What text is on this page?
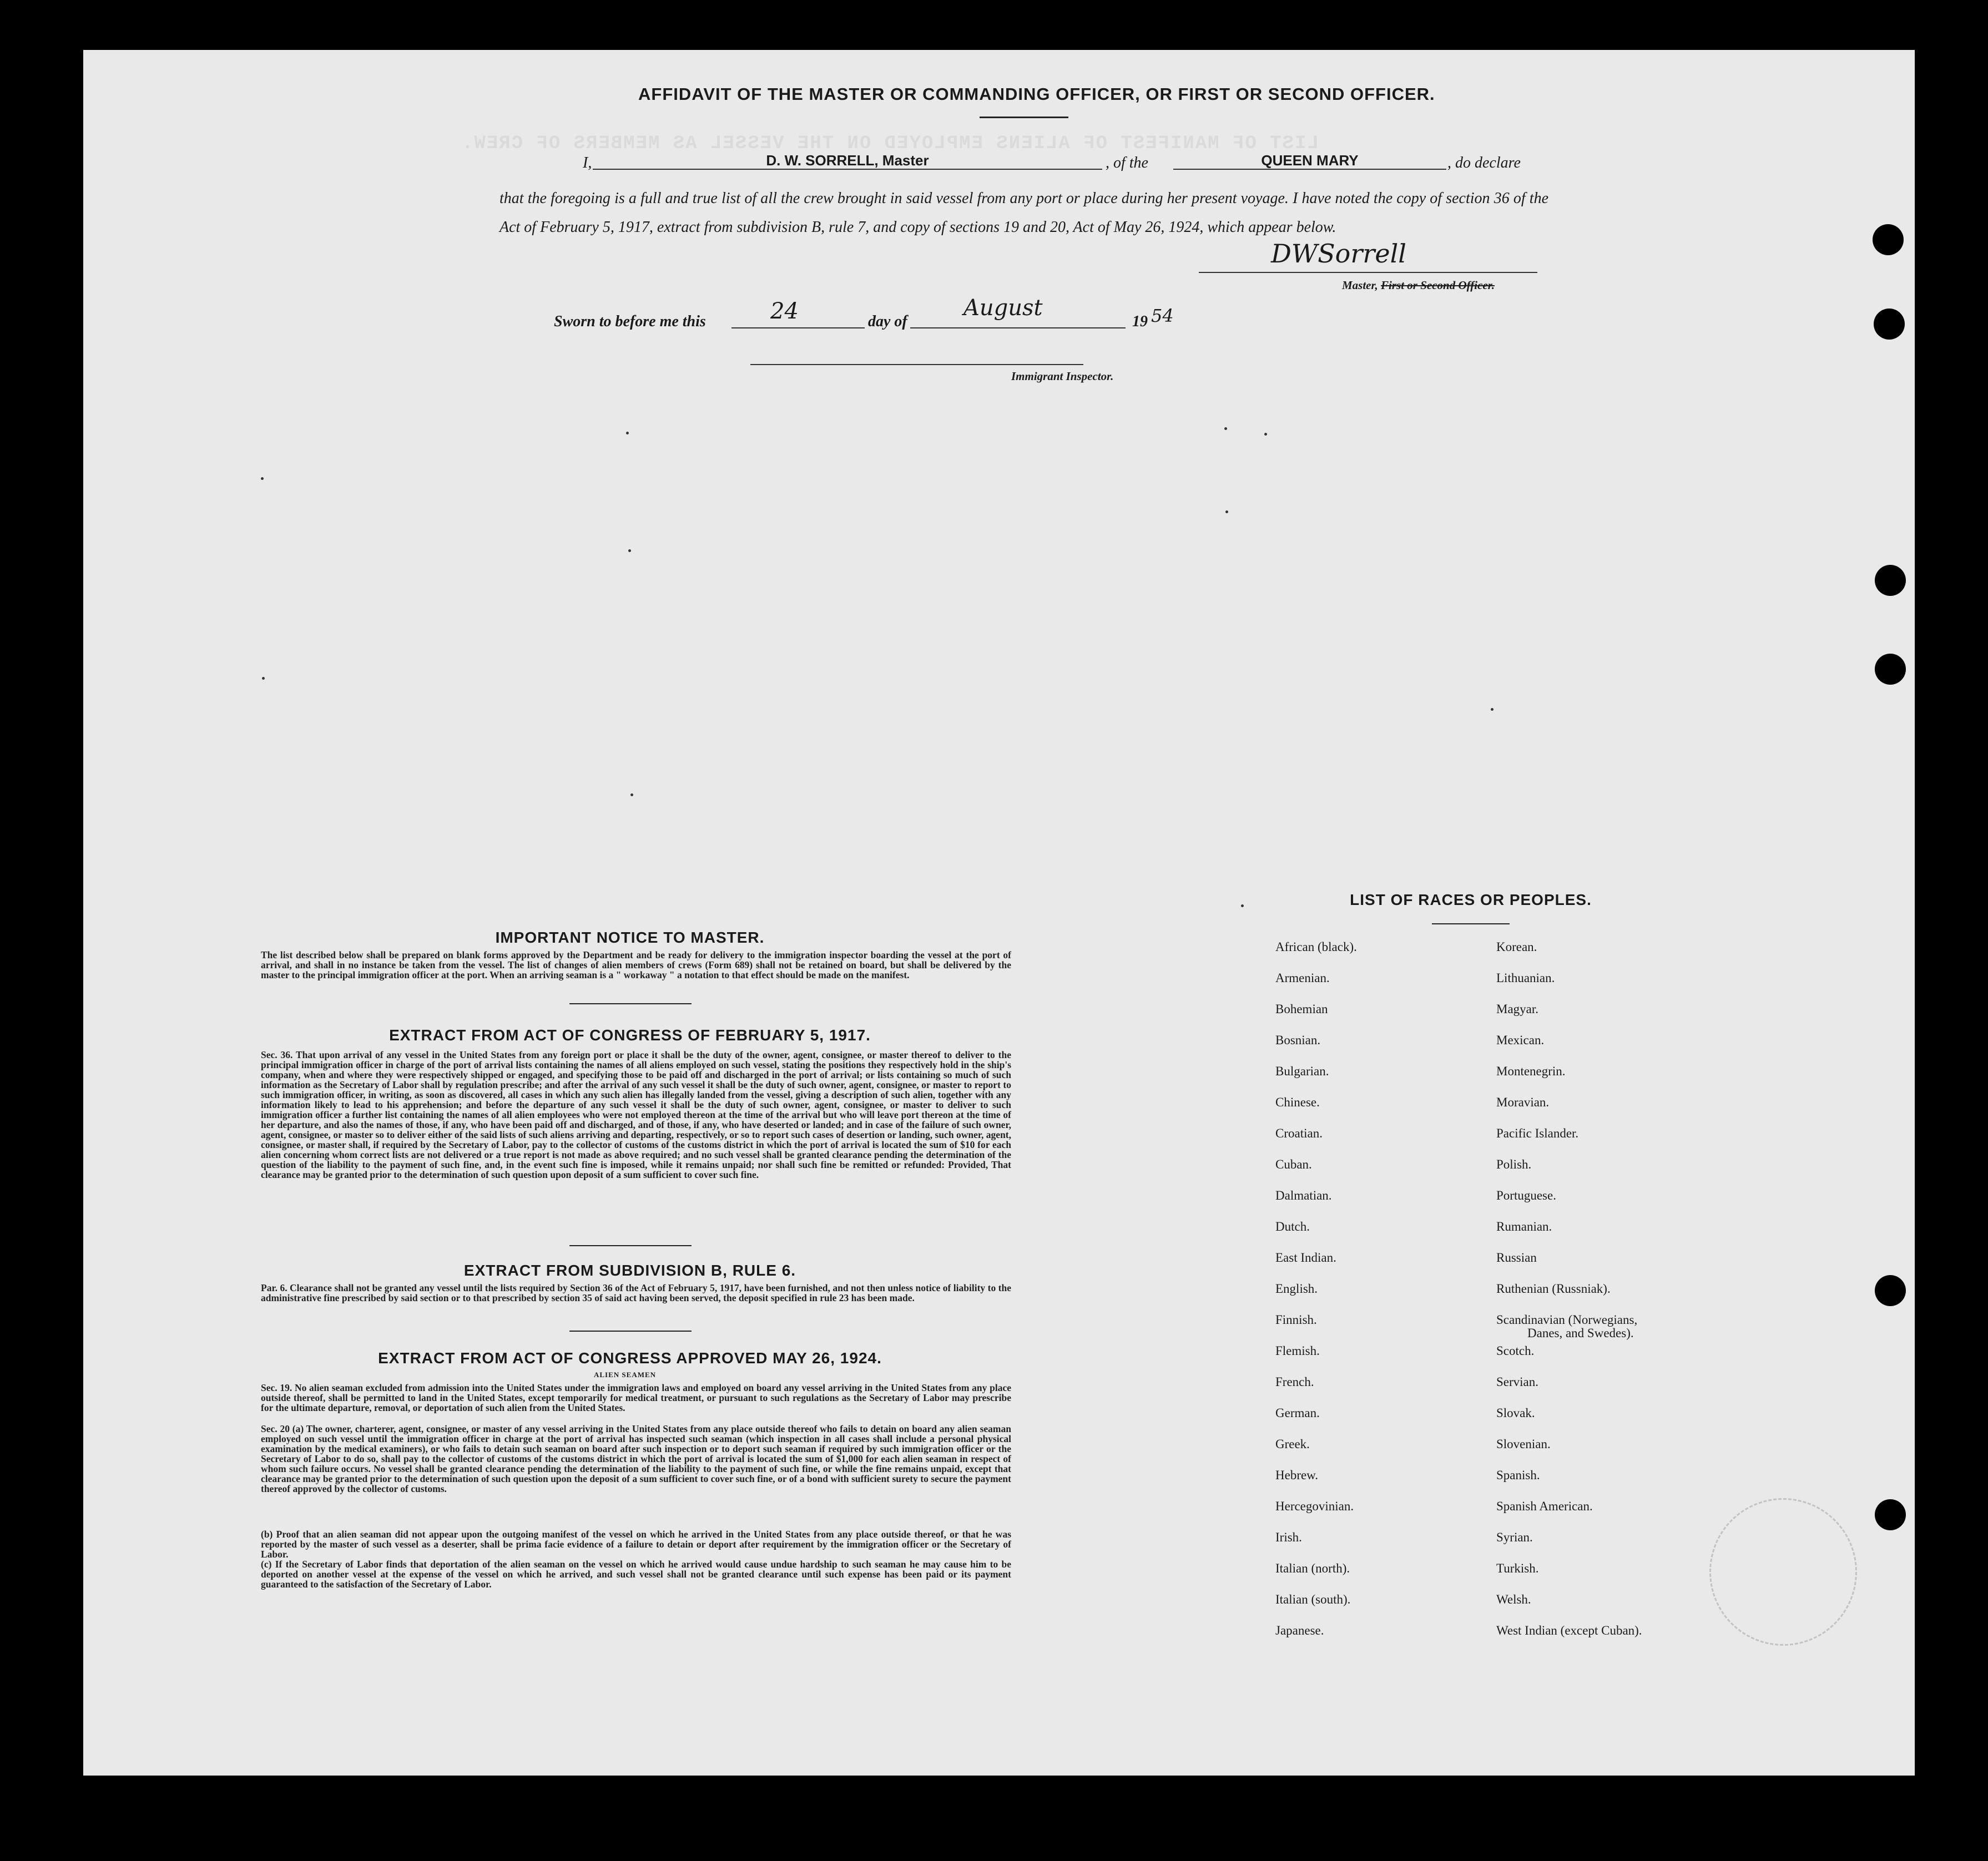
LIST OF MANIFEST OF ALIENS EMPLOYED ON THE VESSEL AS MEMBERS OF CREW.
AFFIDAVIT OF THE MASTER OR COMMANDING OFFICER, OR FIRST OR SECOND OFFICER.
I,	D. W. SORRELL, Master	, of the	QUEEN MARY	, do declare
that the foregoing is a full and true list of all the crew brought in said vessel from any port or place during her present voyage. I have noted the copy of section 36 of the Act of February 5, 1917, extract from subdivision B, rule 7, and copy of sections 19 and 20, Act of May 26, 1924, which appear below.
DWSorrell
Master, First or Second Officer.
Sworn to before me this	24	day of
August
19 54
Immigrant Inspector.
IMPORTANT NOTICE TO MASTER.
The list described below shall be prepared on blank forms approved by the Department and be ready for delivery to the immigration inspector boarding the vessel at the port of arrival, and shall in no instance be taken from the vessel. The list of changes of alien members of crews (Form 689) shall not be retained on board, but shall be delivered by the master to the principal immigration officer at the port. When an arriving seaman is a " workaway " a notation to that effect should be made on the manifest.
EXTRACT FROM ACT OF CONGRESS OF FEBRUARY 5, 1917.
Sec. 36. That upon arrival of any vessel in the United States from any foreign port or place it shall be the duty of the owner, agent, consignee, or master thereof to deliver to the principal immigration officer in charge of the port of arrival lists containing the names of all aliens employed on such vessel, stating the positions they respectively hold in the ship's company, when and where they were respectively shipped or engaged, and specifying those to be paid off and discharged in the port of arrival; or lists containing so much of such information as the Secretary of Labor shall by regulation prescribe; and after the arrival of any such vessel it shall be the duty of such owner, agent, consignee, or master to report to such immigration officer, in writing, as soon as discovered, all cases in which any such alien has illegally landed from the vessel, giving a description of such alien, together with any information likely to lead to his apprehension; and before the departure of any such vessel it shall be the duty of such owner, agent, consignee, or master to deliver to such immigration officer a further list containing the names of all alien employees who were not employed thereon at the time of the arrival but who will leave port thereon at the time of her departure, and also the names of those, if any, who have been paid off and discharged, and of those, if any, who have deserted or landed; and in case of the failure of such owner, agent, consignee, or master so to deliver either of the said lists of such aliens arriving and departing, respectively, or so to report such cases of desertion or landing, such owner, agent, consignee, or master shall, if required by the Secretary of Labor, pay to the collector of customs of the customs district in which the port of arrival is located the sum of $10 for each alien concerning whom correct lists are not delivered or a true report is not made as above required; and no such vessel shall be granted clearance pending the determination of the question of the liability to the payment of such fine, and, in the event such fine is imposed, while it remains unpaid; nor shall such fine be remitted or refunded: Provided, That clearance may be granted prior to the determination of such question upon deposit of a sum sufficient to cover such fine.
EXTRACT FROM SUBDIVISION B, RULE 6.
Par. 6. Clearance shall not be granted any vessel until the lists required by Section 36 of the Act of February 5, 1917, have been furnished, and not then unless notice of liability to the administrative fine prescribed by said section or to that prescribed by section 35 of said act having been served, the deposit specified in rule 23 has been made.
EXTRACT FROM ACT OF CONGRESS APPROVED MAY 26, 1924.
ALIEN SEAMEN
Sec. 19. No alien seaman excluded from admission into the United States under the immigration laws and employed on board any vessel arriving in the United States from any place outside thereof, shall be permitted to land in the United States, except temporarily for medical treatment, or pursuant to such regulations as the Secretary of Labor may prescribe for the ultimate departure, removal, or deportation of such alien from the United States.
Sec. 20 (a) The owner, charterer, agent, consignee, or master of any vessel arriving in the United States from any place outside thereof who fails to detain on board any alien seaman employed on such vessel until the immigration officer in charge at the port of arrival has inspected such seaman (which inspection in all cases shall include a personal physical examination by the medical examiners), or who fails to detain such seaman on board after such inspection or to deport such seaman if required by such immigration officer or the Secretary of Labor to do so, shall pay to the collector of customs of the customs district in which the port of arrival is located the sum of $1,000 for each alien seaman in respect of whom such failure occurs. No vessel shall be granted clearance pending the determination of the liability to the payment of such fine, or while the fine remains unpaid, except that clearance may be granted prior to the determination of such question upon the deposit of a sum sufficient to cover such fine, or of a bond with sufficient surety to secure the payment thereof approved by the collector of customs.
(b) Proof that an alien seaman did not appear upon the outgoing manifest of the vessel on which he arrived in the United States from any place outside thereof, or that he was reported by the master of such vessel as a deserter, shall be prima facie evidence of a failure to detain or deport after requirement by the immigration officer or the Secretary of Labor.
(c) If the Secretary of Labor finds that deportation of the alien seaman on the vessel on which he arrived would cause undue hardship to such seaman he may cause him to be deported on another vessel at the expense of the vessel on which he arrived, and such vessel shall not be granted clearance until such expense has been paid or its payment guaranteed to the satisfaction of the Secretary of Labor.
LIST OF RACES OR PEOPLES.
African (black).
Armenian.
Bohemian
Bosnian.
Bulgarian.
Chinese.
Croatian.
Cuban.
Dalmatian.
Dutch.
East Indian.
English.
Finnish.
Flemish.
French.
German.
Greek.
Hebrew.
Hercegovinian.
Irish.
Italian (north).
Italian (south).
Japanese.
Korean.
Lithuanian.
Magyar.
Mexican.
Montenegrin.
Moravian.
Pacific Islander.
Polish.
Portuguese.
Rumanian.
Russian
Ruthenian (Russniak).
Scandinavian (Norwegians,
Danes, and Swedes).
Scotch.
Servian.
Slovak.
Slovenian.
Spanish.
Spanish American.
Syrian.
Turkish.
Welsh.
West Indian (except Cuban).
